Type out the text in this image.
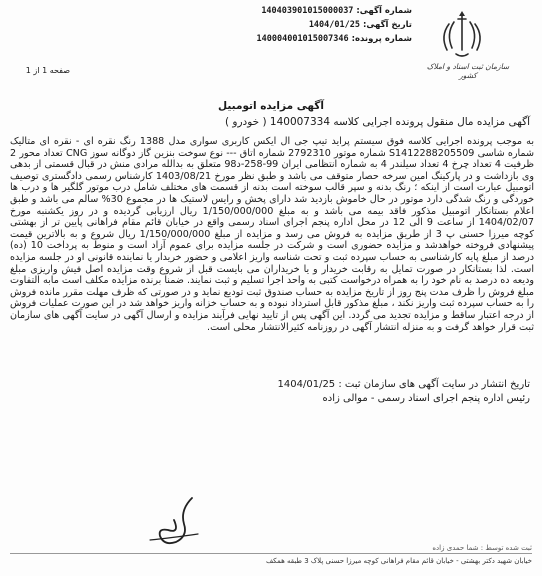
شماره آگهی: 140403901015000037
تاریخ آگهی: 1404/01/25
شماره پرونده: 140004001015007346
سازمان ثبت اسناد و املاک کشور
صفحه 1 از 1
آگهی مزایده اتومبیل
آگهی مزایده مال منقول پرونده اجرایی کلاسه 140007334 ( خودرو )
به موجب پرونده اجرایی کلاسه فوق سیستم پراید تیپ جی ال ایکس کاربری سواری مدل 1388 رنگ نقره ای - نقره ای متالیک شماره شاسی S1412288205509 شماره موتور 2792310 شماره اتاق --- نوع سوخت بنزین گاز دوگانه سوز CNG تعداد محور 2 ظرفیت 4 تعداد چرخ 4 تعداد سیلندر 4 به شماره انتظامی ایران 99-258-د98 متعلق به بدالله مرادی منش در قبال قسمتی از بدهی وی بازداشت و در پارکینگ امین سرخه حصار متوقف می باشد و طبق نظر مورخ 1403/08/21 کارشناس رسمی دادگستری توصیف اتومبیل عبارت است از اینکه ؛ رنگ بدنه و سپر قالب سوخته است بدنه از قسمت های مختلف شامل درب موتور گلگیر ها و درب ها خوردگی و رنگ شدگی دارد موتور در حال خاموش بازدید شد دارای پخش و رایس لاستیک ها در مجموع 30% سالم می باشد و طبق اعلام بستانکار اتومبیل مذکور فاقد بیمه می باشد و به مبلغ 1/150/000/000 ریال ارزیابی گردیده و در روز یکشنبه مورخ 1404/02/07 از ساعت 9 الی 12 در محل اداره پنجم اجرای اسناد رسمی واقع در خیابان قائم مقام فراهانی پایین تر از بهشتی کوچه میرزا حسنی پ 3 از طریق مزایده به فروش می رسد و مزایده از مبلغ 1/150/000/000 ریال شروع و به بالاترین قیمت پیشنهادی فروخته خواهدشد و مزایده حضوری است و شرکت در جلسه مزایده برای عموم آزاد است و منوط به پرداخت 10 (ده) درصد از مبلغ پایه کارشناسی به حساب سپرده ثبت و تحت شناسه واریز اعلامی و حضور خریدار یا نماینده قانونی او در جلسه مزایده است. لذا بستانکار در صورت تمایل به رقابت خریدار و یا خریداران می بایست قبل از شروع وقت مزایده اصل فیش واریزی مبلغ ودیعه ده درصد به نام خود را به همراه درخواست کتبی به واحد اجرا تسلیم و ثبت نمایند. ضمنا برنده مزایده مکلف است مابه التفاوت مبلغ فروش را ظرف مدت پنج روز از تاریخ مزایده به حساب صندوق ثبت تودیع نماید و در صورتی که ظرف مهلت مقرر مانده فروش را به حساب سپرده ثبت واریز نکند ، مبلغ مذکور قابل استرداد نبوده و به حساب خزانه واریز خواهد شد در این صورت عملیات فروش از درجه اعتبار ساقط و مزایده تجدید می گردد. این آگهی پس از تایید نهایی فرآیند مزایده و ارسال آگهی در سایت آگهی های سازمان ثبت قرار خواهد گرفت و به منزله انتشار آگهی در روزنامه کثیرالانتشار محلی است.
تاریخ انتشار در سایت آگهی های سازمان ثبت : 1404/01/25
رئیس اداره پنجم اجرای اسناد رسمی - موالی زاده
ثبت شده توسط : شما حمدی زاده
خیابان شهید دکتر بهشتی - خیابان قائم مقام فراهانی کوچه میرزا حسنی پلاک 3 طبقه همکف
